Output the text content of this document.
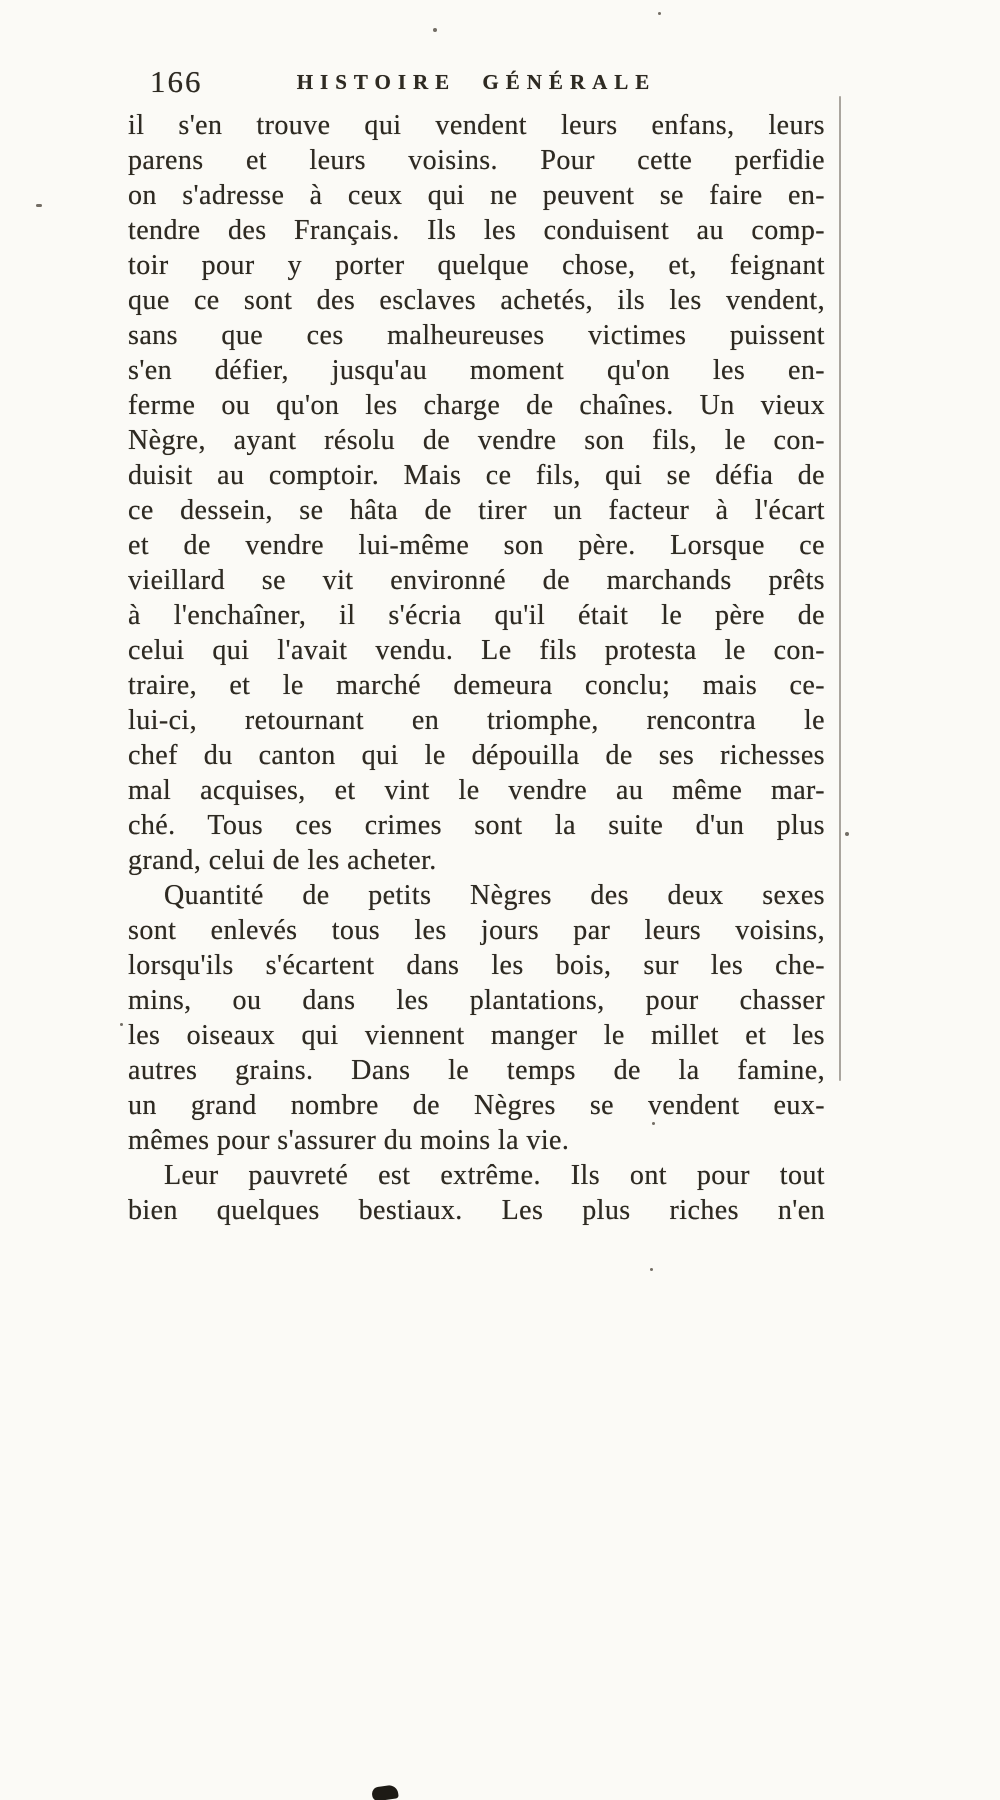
166	HISTOIRE GÉNÉRALE
il s'en trouve qui vendent leurs enfans, leurs
parens et leurs voisins. Pour cette perfidie
on s'adresse à ceux qui ne peuvent se faire en-
tendre des Français. Ils les conduisent au comp-
toir pour y porter quelque chose, et, feignant
que ce sont des esclaves achetés, ils les vendent,
sans que ces malheureuses victimes puissent
s'en défier, jusqu'au moment qu'on les en-
ferme ou qu'on les charge de chaînes. Un vieux
Nègre, ayant résolu de vendre son fils, le con-
duisit au comptoir. Mais ce fils, qui se défia de
ce dessein, se hâta de tirer un facteur à l'écart
et de vendre lui-même son père. Lorsque ce
vieillard se vit environné de marchands prêts
à l'enchaîner, il s'écria qu'il était le père de
celui qui l'avait vendu. Le fils protesta le con-
traire, et le marché demeura conclu; mais ce-
lui-ci, retournant en triomphe, rencontra le
chef du canton qui le dépouilla de ses richesses
mal acquises, et vint le vendre au même mar-
ché. Tous ces crimes sont la suite d'un plus
grand, celui de les acheter.
Quantité de petits Nègres des deux sexes
sont enlevés tous les jours par leurs voisins,
lorsqu'ils s'écartent dans les bois, sur les che-
mins, ou dans les plantations, pour chasser
les oiseaux qui viennent manger le millet et les
autres grains. Dans le temps de la famine,
un grand nombre de Nègres se vendent eux-
mêmes pour s'assurer du moins la vie.
Leur pauvreté est extrême. Ils ont pour tout
bien quelques bestiaux. Les plus riches n'en
